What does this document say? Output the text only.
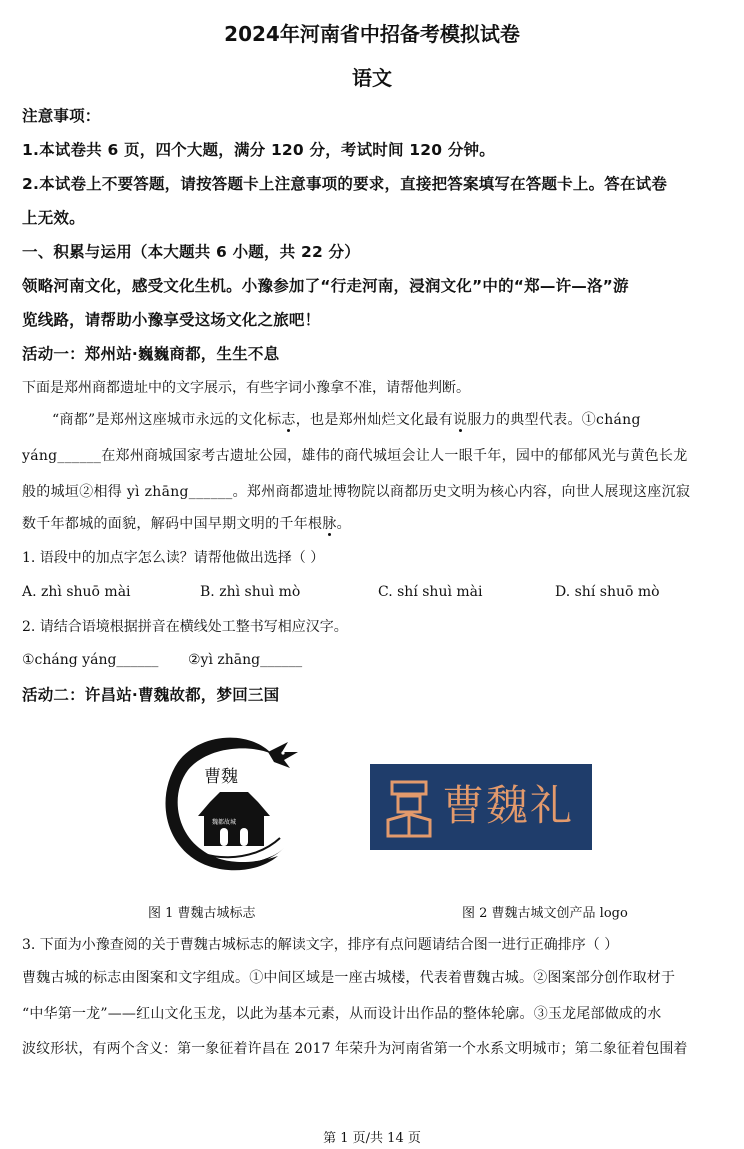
2024年河南省中招备考模拟试卷
语文
注意事项：
1.本试卷共 6 页，四个大题，满分 120 分，考试时间 120 分钟。
2.本试卷上不要答题，请按答题卡上注意事项的要求，直接把答案填写在答题卡上。答在试卷
上无效。
一、积累与运用（本大题共 6 小题，共 22 分）
领略河南文化，感受文化生机。小豫参加了“行走河南，浸润文化”中的“郑—许—洛”游
览线路，请帮助小豫享受这场文化之旅吧！
活动一：郑州站·巍巍商都，生生不息
下面是郑州商都遗址中的文字展示，有些字词小豫拿不准，请帮他判断。
“商都”是郑州这座城市永远的文化标志，也是郑州灿烂文化最有说服力的典型代表。①cháng
yáng______在郑州商城国家考古遗址公园，雄伟的商代城垣会让人一眼千年，园中的郁郁风光与黄色长龙
般的城垣②相得 yì zhāng______。郑州商都遗址博物院以商都历史文明为核心内容，向世人展现这座沉寂
数千年都城的面貌，解码中国早期文明的千年根脉。
1. 语段中的加点字怎么读？请帮他做出选择（ ）
A. zhì shuō mài	B. zhì shuì mò	C. shí shuì mài	D. shí shuō mò
2. 请结合语境根据拼音在横线处工整书写相应汉字。
①cháng yáng______ ②yì zhāng______
活动二：许昌站·曹魏故都，梦回三国
曹魏
魏都故城	曹魏礼
图 1 曹魏古城标志	图 2 曹魏古城文创产品 logo
3. 下面为小豫查阅的关于曹魏古城标志的解读文字，排序有点问题请结合图一进行正确排序（ ）
曹魏古城的标志由图案和文字组成。①中间区域是一座古城楼，代表着曹魏古城。②图案部分创作取材于
“中华第一龙”——红山文化玉龙，以此为基本元素，从而设计出作品的整体轮廓。③玉龙尾部做成的水
波纹形状，有两个含义：第一象征着许昌在 2017 年荣升为河南省第一个水系文明城市；第二象征着包围着
第 1 页/共 14 页
